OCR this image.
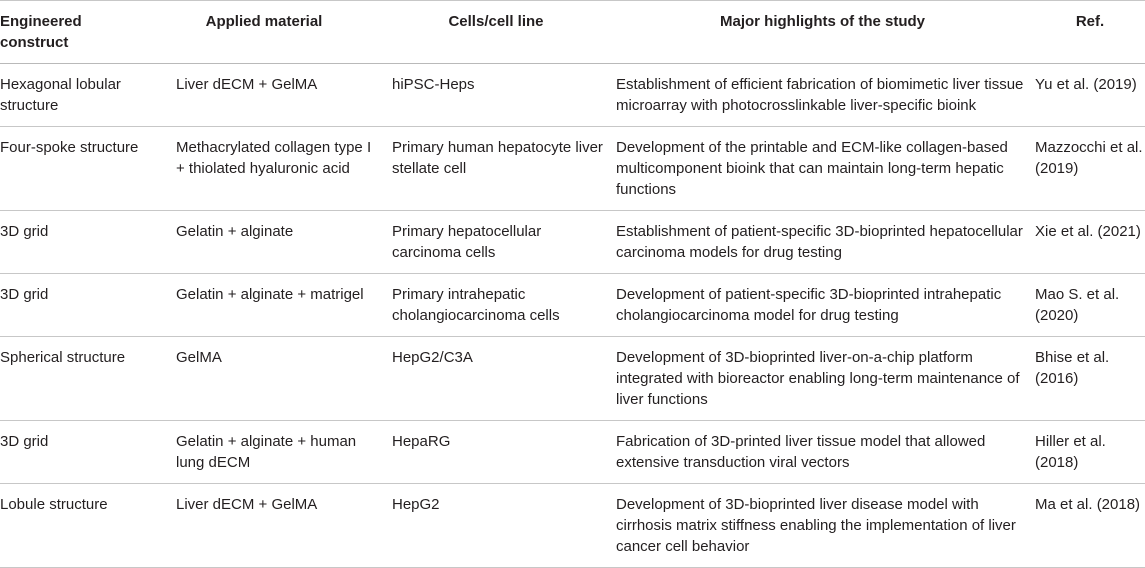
Engineered construct	Applied material	Cells/cell line	Major highlights of the study	Ref.
Hexagonal lobular structure	Liver dECM + GelMA	hiPSC-Heps	Establishment of efficient fabrication of biomimetic liver tissue microarray with photocrosslinkable liver-specific bioink	Yu et al. (2019)
Four-spoke structure	Methacrylated collagen type I + thiolated hyaluronic acid	Primary human hepatocyte liver stellate cell	Development of the printable and ECM-like collagen-based multicomponent bioink that can maintain long-term hepatic functions	Mazzocchi et al. (2019)
3D grid	Gelatin + alginate	Primary hepatocellular carcinoma cells	Establishment of patient-specific 3D-bioprinted hepatocellular carcinoma models for drug testing	Xie et al. (2021)
3D grid	Gelatin + alginate + matrigel	Primary intrahepatic cholangiocarcinoma cells	Development of patient-specific 3D-bioprinted intrahepatic cholangiocarcinoma model for drug testing	Mao S. et al. (2020)
Spherical structure	GelMA	HepG2/C3A	Development of 3D-bioprinted liver-on-a-chip platform integrated with bioreactor enabling long-term maintenance of liver functions	Bhise et al. (2016)
3D grid	Gelatin + alginate + human lung dECM	HepaRG	Fabrication of 3D-printed liver tissue model that allowed extensive transduction viral vectors	Hiller et al. (2018)
Lobule structure	Liver dECM + GelMA	HepG2	Development of 3D-bioprinted liver disease model with cirrhosis matrix stiffness enabling the implementation of liver cancer cell behavior	Ma et al. (2018)
